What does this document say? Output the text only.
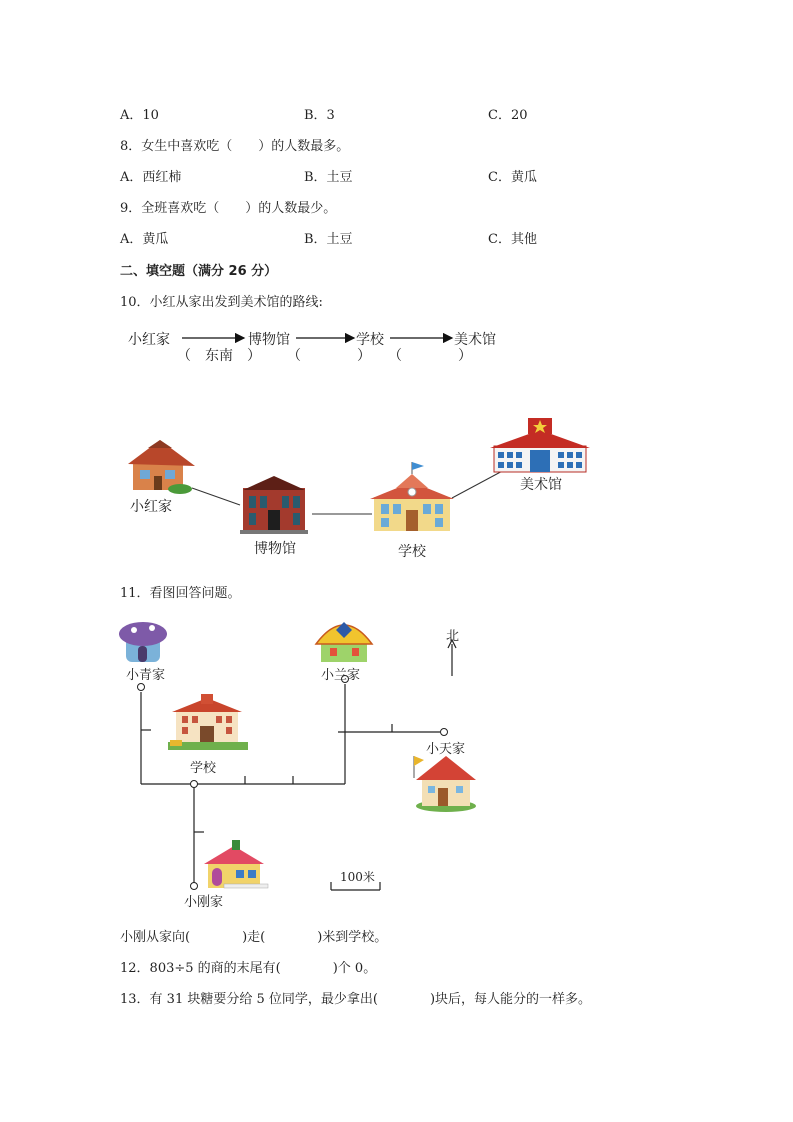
A．10	B．3	C．20
8．女生中喜欢吃（　　）的人数最多。
A．西红柿	B．土豆	C．黄瓜
9．全班喜欢吃（　　）的人数最少。
A．黄瓜	B．土豆	C．其他
二、填空题（满分 26 分）
10．小红从家出发到美术馆的路线:
小红家	博物馆	学校	美术馆
（　东南　） （　　　　） （　　　　）
小红家
博物馆	学校
美术馆
11．看图回答问题。
小青家	小兰家
北
小天家
学校
100米
小刚家
小刚从家向(　　　　)走(　　　　)米到学校。
12．803÷5 的商的末尾有(　　　　)个 0。
13．有 31 块糖要分给 5 位同学，最少拿出(　　　　)块后，每人能分的一样多。
